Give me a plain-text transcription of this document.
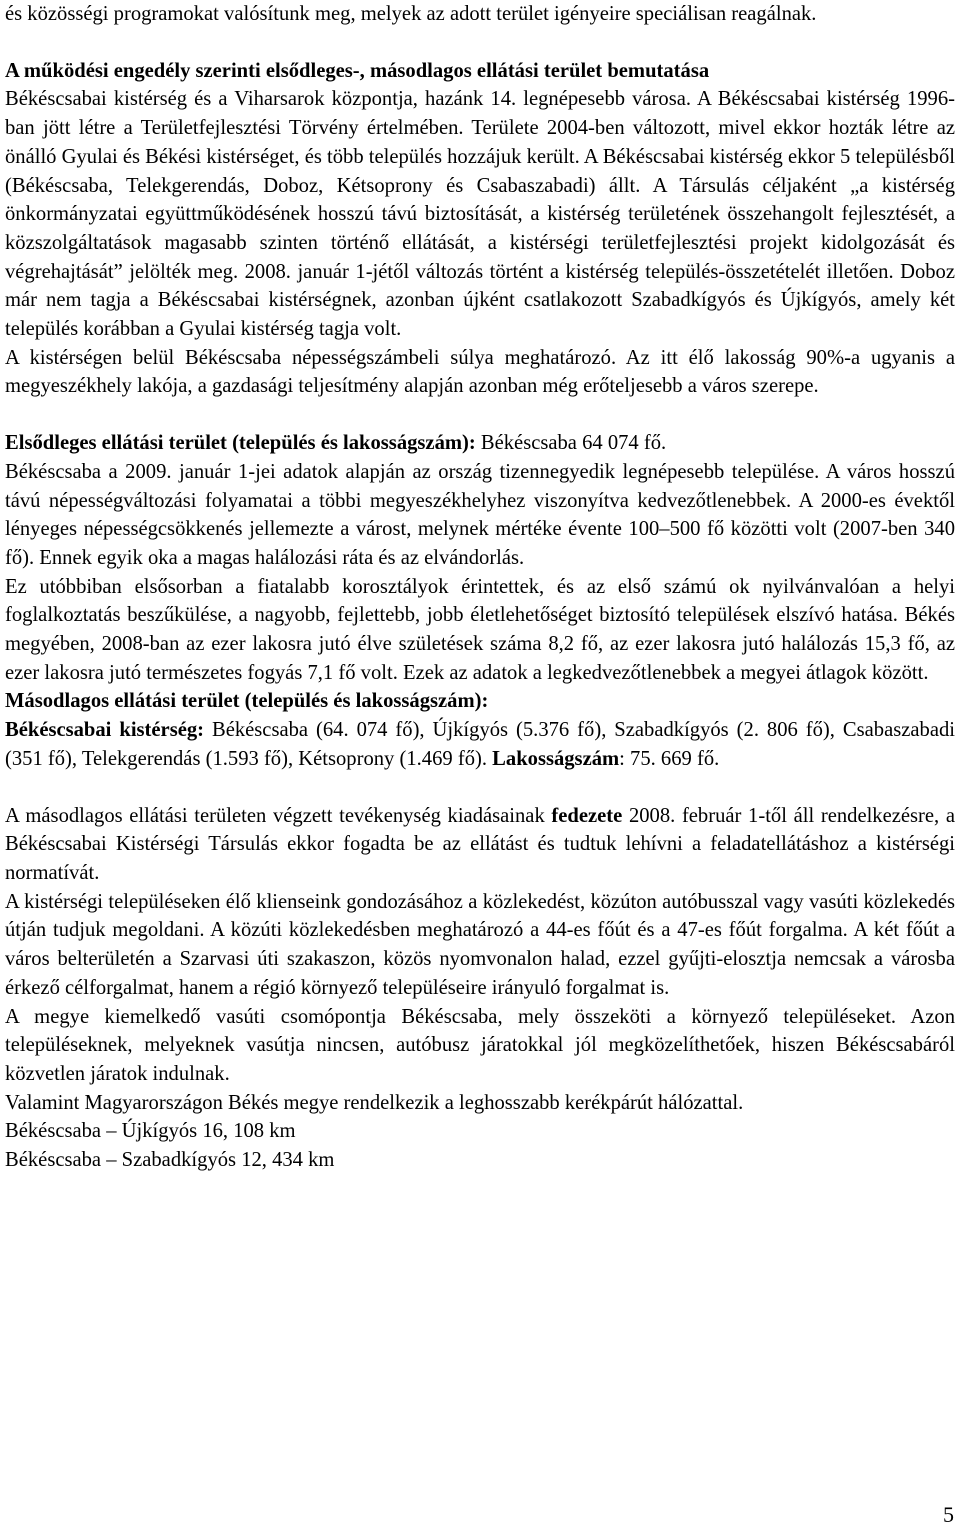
és közösségi programokat valósítunk meg, melyek az adott terület igényeire speciálisan reagálnak.

A működési engedély szerinti elsődleges-, másodlagos ellátási terület bemutatása

Békéscsabai kistérség és a Viharsarok központja, hazánk 14. legnépesebb városa. A Békéscsabai kistérség 1996-ban jött létre a Területfejlesztési Törvény értelmében. Területe 2004-ben változott, mivel ekkor hozták létre az önálló Gyulai és Békési kistérséget, és több település hozzájuk került. A Békéscsabai kistérség ekkor 5 településből (Békéscsaba, Telekgerendás, Doboz, Kétsoprony és Csabaszabadi) állt. A Társulás céljaként „a kistérség önkormányzatai együttműködésének hosszú távú biztosítását, a kistérség területének összehangolt fejlesztését, a közszolgáltatások magasabb szinten történő ellátását, a kistérségi területfejlesztési projekt kidolgozását és végrehajtását” jelölték meg. 2008. január 1-jétől változás történt a kistérség település-összetételét illetően. Doboz már nem tagja a Békéscsabai kistérségnek, azonban újként csatlakozott Szabadkígyós és Újkígyós, amely két település korábban a Gyulai kistérség tagja volt.

A kistérségen belül Békéscsaba népességszámbeli súlya meghatározó. Az itt élő lakosság 90%-a ugyanis a megyeszékhely lakója, a gazdasági teljesítmény alapján azonban még erőteljesebb a város szerepe.

Elsődleges ellátási terület (település és lakosságszám): Békéscsaba 64 074 fő.

Békéscsaba a 2009. január 1-jei adatok alapján az ország tizennegyedik legnépesebb települése. A város hosszú távú népességváltozási folyamatai a többi megyeszékhelyhez viszonyítva kedvezőtlenebbek. A 2000-es évektől lényeges népességcsökkenés jellemezte a várost, melynek mértéke évente 100–500 fő közötti volt (2007-ben 340 fő). Ennek egyik oka a magas halálozási ráta és az elvándorlás.

Ez utóbbiban elsősorban a fiatalabb korosztályok érintettek, és az első számú ok nyilvánvalóan a helyi foglalkoztatás beszűkülése, a nagyobb, fejlettebb, jobb életlehetőséget biztosító települések elszívó hatása. Békés megyében, 2008-ban az ezer lakosra jutó élve születések száma 8,2 fő, az ezer lakosra jutó halálozás 15,3 fő, az ezer lakosra jutó természetes fogyás 7,1 fő volt. Ezek az adatok a legkedvezőtlenebbek a megyei átlagok között.

Másodlagos ellátási terület (település és lakosságszám):

Békéscsabai kistérség: Békéscsaba (64. 074 fő), Újkígyós (5.376 fő), Szabadkígyós (2. 806 fő), Csabaszabadi (351 fő), Telekgerendás (1.593 fő), Kétsoprony (1.469 fő). Lakosságszám: 75. 669 fő.

A másodlagos ellátási területen végzett tevékenység kiadásainak fedezete 2008. február 1-től áll rendelkezésre, a Békéscsabai Kistérségi Társulás ekkor fogadta be az ellátást és tudtuk lehívni a feladatellátáshoz a kistérségi normatívát.

A kistérségi településeken élő klienseink gondozásához a közlekedést, közúton autóbusszal vagy vasúti közlekedés útján tudjuk megoldani. A közúti közlekedésben meghatározó a 44-es főút és a 47-es főút forgalma. A két főút a város belterületén a Szarvasi úti szakaszon, közös nyomvonalon halad, ezzel gyűjti-elosztja nemcsak a városba érkező célforgalmat, hanem a régió környező településeire irányuló forgalmat is.

A megye kiemelkedő vasúti csomópontja Békéscsaba, mely összeköti a környező településeket. Azon településeknek, melyeknek vasútja nincsen, autóbusz járatokkal jól megközelíthetőek, hiszen Békéscsabáról közvetlen járatok indulnak.

Valamint Magyarországon Békés megye rendelkezik a leghosszabb kerékpárút hálózattal.

Békéscsaba – Újkígyós 16, 108 km

Békéscsaba – Szabadkígyós 12, 434 km

5
